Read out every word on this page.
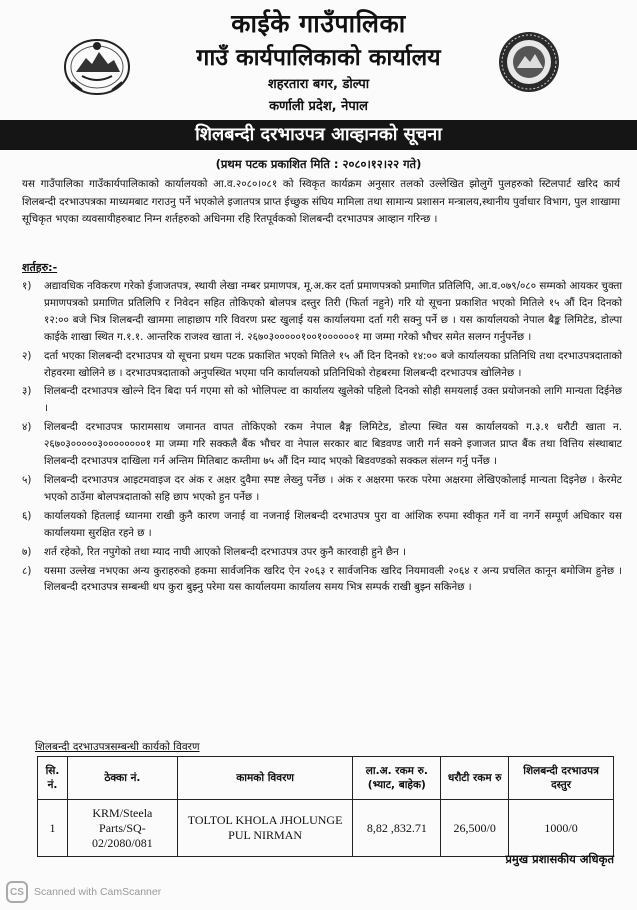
काईके गाउँपालिका
गाउँ कार्यपालिकाको कार्यालय
शहरतारा बगर, डोल्पा
कर्णाली प्रदेश, नेपाल
शिलबन्दी दरभाउपत्र आव्हानको सूचना
(प्रथम पटक प्रकाशित मिति : २०८०।१२।२२ गते)
यस गाउँपालिका गाउँकार्यपालिकाको कार्यालयको आ.व.२०८०।०८१ को स्विकृत कार्यक्रम अनुसार तलको उल्लेखित झोलुगें पुलहरुको स्टिलपार्ट खरिद कार्य शिलबन्दी दरभाउपत्रका माध्यमबाट गराउनु पर्ने भएकोले इजातपत्र प्राप्त ईच्छुक संघिय मामिला तथा सामान्य प्रशासन मन्त्रालय,स्थानीय पुर्वाधार विभाग, पुल शाखामा सूचिकृत भएका व्यवसायीहरुबाट निम्न शर्तहरुको अधिनमा रहि रितपूर्वकको शिलबन्दी दरभाउपत्र आव्हान गरिन्छ ।
शर्तहरु:-
१) अद्यावधिक नविकरण गरेको ईजाजतपत्र, स्थायी लेखा नम्बर प्रमाणपत्र, मू.अ.कर दर्ता प्रमाणपत्रको प्रमाणित प्रतिलिपि, आ.व.०७९/०८० सम्मको आयकर चुक्ता प्रमाणपत्रको प्रमाणित प्रतिलिपि र निवेदन सहित तोकिएको बोलपत्र दस्तुर तिरी (फिर्ता नहुने) गरि यो सूचना प्रकाशित भएको मितिले १५ औं दिन दिनको १२:०० बजे भित्र शिलबन्दी खाममा लाहाछाप गरि विवरण प्रस्ट खुलाई यस कार्यालयमा दर्ता गरी सक्नु पर्ने छ । यस कार्यालयको नेपाल बैङ्क लिमिटेड, डोल्पा काईके शाखा स्थित ग.१.१. आन्तरिक राजश्व खाता नं. २६७०३०००००१००१००००००१ मा जम्मा गरेको भौचर समेत सलग्न गर्नुपर्नेछ ।
२) दर्ता भएका शिलबन्दी दरभाउपत्र यो सूचना प्रथम पटक प्रकाशित भएको मितिले १५ औं दिन दिनको १४:०० बजे कार्यालयका प्रतिनिधि तथा दरभाउपत्रदाताको रोहवरमा खोलिने छ । दरभाउपत्रदाताको अनुपस्थित भएमा पनि कार्यालयको प्रतिनिधिको रोहबरमा शिलबन्दी दरभाउपत्र खोलिनेछ ।
३) शिलबन्दी दरभाउपत्र खोल्ने दिन बिदा पर्न गएमा सो को भोलिपल्ट वा कार्यालय खुलेको पहिलो दिनको सोही समयलाई उक्त प्रयोजनको लागि मान्यता दिईनेछ ।
४) शिलबन्दी दरभाउपत्र फारामसाथ जमानत वापत तोकिएको रकम नेपाल बैङ्ग लिमिटेड, डोल्पा स्थित यस कार्यालयको ग.३.१ धरौटी खाता न. २६७०३०००००३००००००००१ मा जम्मा गरि सक्कलै बैंक भौचर वा नेपाल सरकार बाट बिडवण्ड जारी गर्न सक्ने इजाजत प्राप्त बैंक तथा वित्तिय संस्थाबाट शिलबन्दी दरभाउपत्र दाखिला गर्न अन्तिम मितिबाट कम्तीमा ७५ औं दिन म्याद भएको बिडवण्डको सक्कल संलग्न गर्नु पर्नेछ ।
५) शिलबन्दी दरभाउपत्र आइटमवाइज दर अंक र अक्षर दुवैमा स्पष्ट लेख्नु पर्नेछ । अंक र अक्षरमा फरक परेमा अक्षरमा लेखिएकोलाई मान्यता दिइनेछ । केरमेट भएको ठाउँमा बोलपत्रदाताको सहि छाप भएको हुन पर्नेछ ।
६) कार्यालयको हितलाई ध्यानमा राखी कुनै कारण जनाई वा नजनाई शिलबन्दी दरभाउपत्र पुरा वा आंशिक रुपमा स्वीकृत गर्ने वा नगर्ने सम्पूर्ण अधिकार यस कार्यालयमा सुरक्षित रहने छ ।
७) शर्त रहेको, रित नपुगेको तथा म्याद नाघी आएको शिलबन्दी दरभाउपत्र उपर कुनै कारवाही हुने छैन ।
८) यसमा उल्लेख नभएका अन्य कुराहरुको हकमा सार्वजनिक खरिद ऐन २०६३ र सार्वजनिक खरिद नियमावली २०६४ र अन्य प्रचलित कानून बमोजिम हुनेछ । शिलबन्दी दरभाउपत्र सम्बन्धी थप कुरा बुझ्नु परेमा यस कार्यालयमा कार्यालय समय भित्र सम्पर्क राखी बुझ्न सकिनेछ ।
शिलबन्दी दरभाउपत्रसम्बन्धी कार्यको विवरण
सि. नं.	ठेक्का नं.	कामको विवरण	ला.अ. रकम रु. (भ्याट, बाहेक)	धरौटी रकम रु	शिलबन्दी दरभाउपत्र दस्तुर
1	KRM/Steela Parts/SQ-02/2080/081	TOLTOL KHOLA JHOLUNGE PUL NIRMAN	8,82 ,832.71	26,500/0	1000/0
प्रमुख प्रशासकीय अधिकृत
CS Scanned with CamScanner
